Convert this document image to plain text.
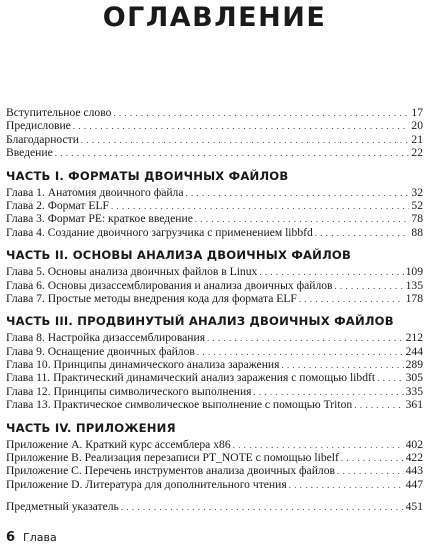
ОГЛАВЛЕНИЕ
Вступительное слово . . .	17
Предисловие . . .	20
Благодарности . . .	21
Введение . . .	22
ЧАСТЬ I. ФОРМАТЫ ДВОИЧНЫХ ФАЙЛОВ
Глава 1. Анатомия двоичного файла . . .	32
Глава 2. Формат ELF . . .	52
Глава 3. Формат PE: краткое введение . . .	78
Глава 4. Создание двоичного загрузчика с применением libbfd . . .	88
ЧАСТЬ II. ОСНОВЫ АНАЛИЗА ДВОИЧНЫХ ФАЙЛОВ
Глава 5. Основы анализа двоичных файлов в Linux . . .	109
Глава 6. Основы дизассемблирования и анализа двоичных файлов . . .	135
Глава 7. Простые методы внедрения кода для формата ELF . . .	178
ЧАСТЬ III. ПРОДВИНУТЫЙ АНАЛИЗ ДВОИЧНЫХ ФАЙЛОВ
Глава 8. Настройка дизассемблирования . . .	212
Глава 9. Оснащение двоичных файлов . . .	244
Глава 10. Принципы динамического анализа заражения . . .	289
Глава 11. Практический динамический анализ заражения с помощью libdft . . .	305
Глава 12. Принципы символического выполнения . . .	335
Глава 13. Практическое символическое выполнение с помощью Triton . . .	361
ЧАСТЬ IV. ПРИЛОЖЕНИЯ
Приложение A. Краткий курс ассемблера x86 . . .	402
Приложение B. Реализация перезаписи PT_NOTE с помощью libelf . . .	422
Приложение C. Перечень инструментов анализа двоичных файлов . . .	443
Приложение D. Литература для дополнительного чтения . . .	447
Предметный указатель . . .	451
6 Глава
